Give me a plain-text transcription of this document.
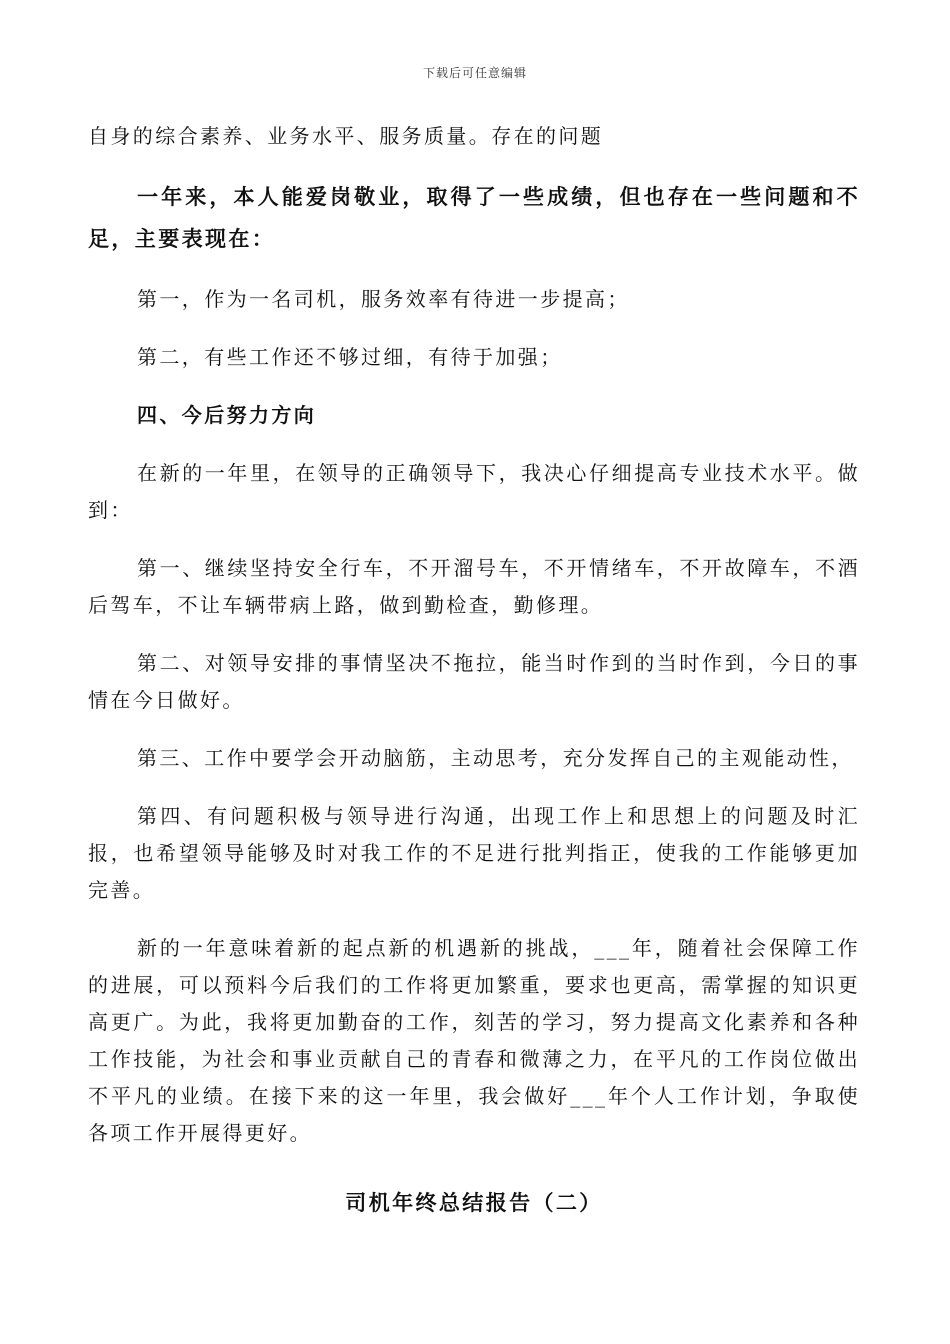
下载后可任意编辑

自身的综合素养、业务水平、服务质量。存在的问题

一年来，本人能爱岗敬业，取得了一些成绩，但也存在一些问题和不足，主要表现在：

第一，作为一名司机，服务效率有待进一步提高；

第二，有些工作还不够过细，有待于加强；

四、今后努力方向

在新的一年里，在领导的正确领导下，我决心仔细提高专业技术水平。做到：

第一、继续坚持安全行车，不开溜号车，不开情绪车，不开故障车，不酒后驾车，不让车辆带病上路，做到勤检查，勤修理。

第二、对领导安排的事情坚决不拖拉，能当时作到的当时作到，今日的事情在今日做好。

第三、工作中要学会开动脑筋，主动思考，充分发挥自己的主观能动性，

第四、有问题积极与领导进行沟通，出现工作上和思想上的问题及时汇报，也希望领导能够及时对我工作的不足进行批判指正，使我的工作能够更加完善。

新的一年意味着新的起点新的机遇新的挑战，___年，随着社会保障工作的进展，可以预料今后我们的工作将更加繁重，要求也更高，需掌握的知识更高更广。为此，我将更加勤奋的工作，刻苦的学习，努力提高文化素养和各种工作技能，为社会和事业贡献自己的青春和微薄之力，在平凡的工作岗位做出不平凡的业绩。在接下来的这一年里，我会做好___年个人工作计划，争取使各项工作开展得更好。

司机年终总结报告（二）
